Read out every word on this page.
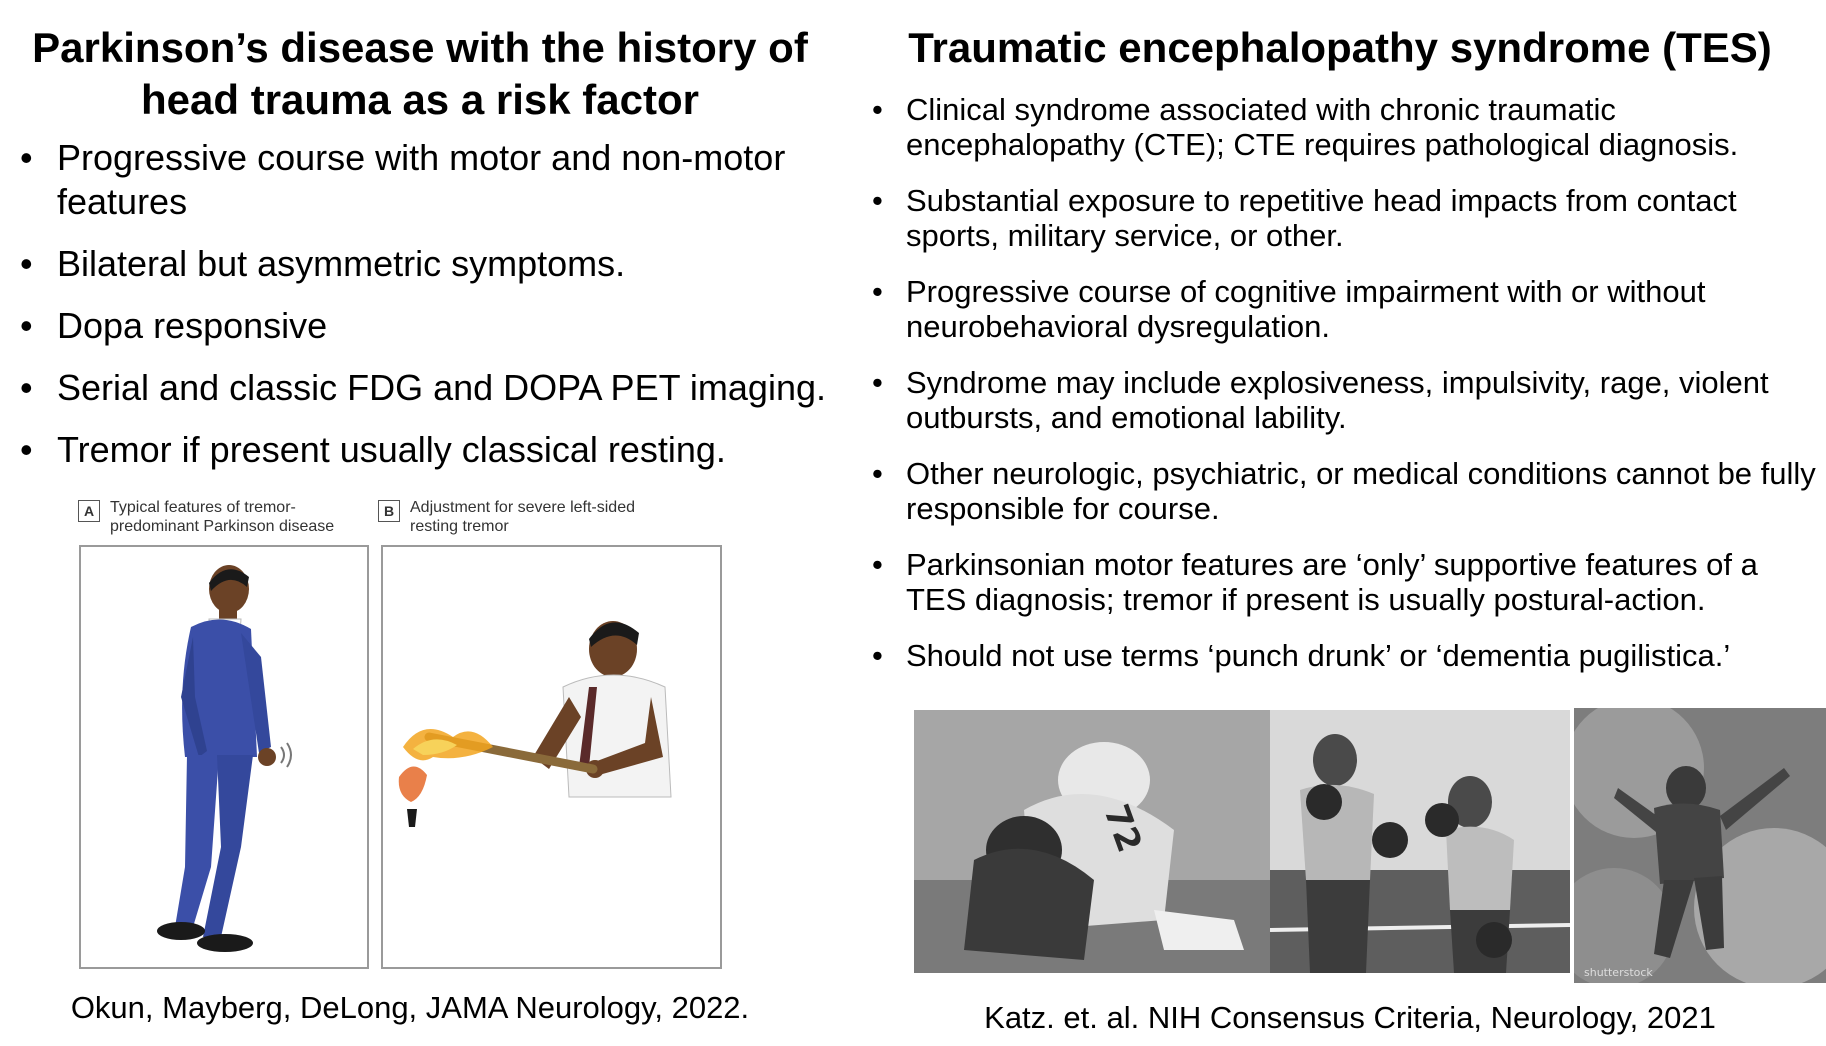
Parkinson’s disease with the history of head trauma as a risk factor
• Progressive course with motor and non-motor features
• Bilateral but asymmetric symptoms.
• Dopa responsive
• Serial and classic FDG and DOPA PET imaging.
• Tremor if present usually classical resting.
A Typical features of tremor-predominant Parkinson disease
B Adjustment for severe left-sided resting tremor
Okun, Mayberg, DeLong, JAMA Neurology, 2022.
Traumatic encephalopathy syndrome (TES)
• Clinical syndrome associated with chronic traumatic encephalopathy (CTE); CTE requires pathological diagnosis.
• Substantial exposure to repetitive head impacts from contact sports, military service, or other.
• Progressive course of cognitive impairment with or without neurobehavioral dysregulation.
• Syndrome may include explosiveness, impulsivity, rage, violent outbursts, and emotional lability.
• Other neurologic, psychiatric, or medical conditions cannot be fully responsible for course.
• Parkinsonian motor features are ‘only’ supportive features of a TES diagnosis; tremor if present is usually postural-action.
• Should not use terms ‘punch drunk’ or ‘dementia pugilistica.’
72
shutterstock
Katz. et. al. NIH Consensus Criteria, Neurology, 2021
